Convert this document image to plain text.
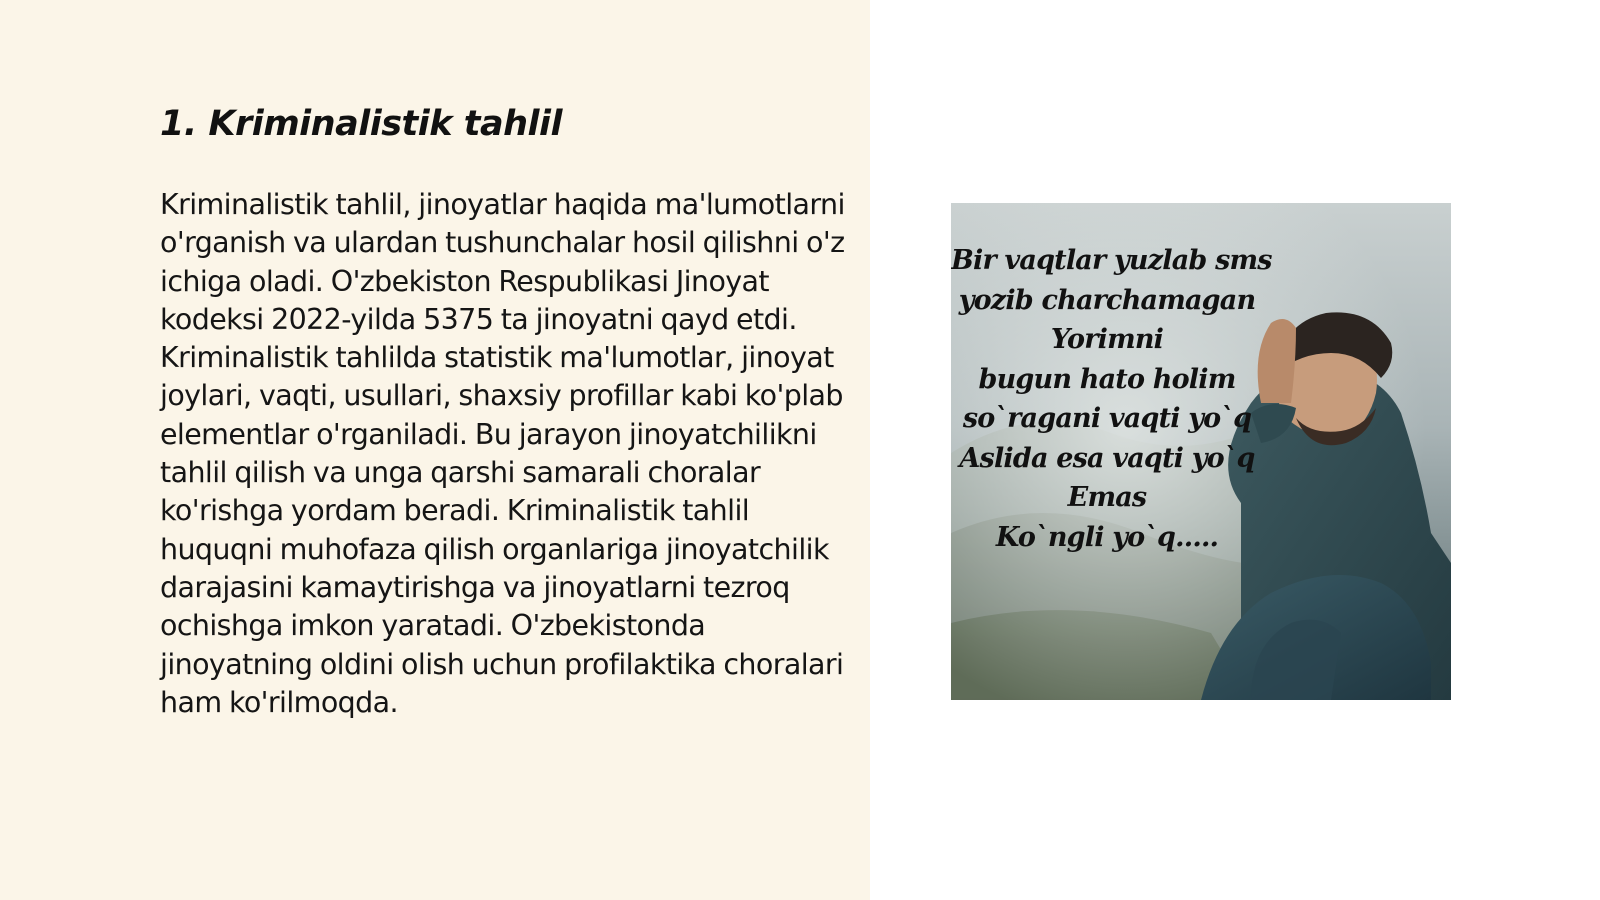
1. Kriminalistik tahlil

Kriminalistik tahlil, jinoyatlar haqida ma'lumotlarni o'rganish va ulardan tushunchalar hosil qilishni o'z ichiga oladi. O'zbekiston Respublikasi Jinoyat kodeksi 2022-yilda 5375 ta jinoyatni qayd etdi. Kriminalistik tahlilda statistik ma'lumotlar, jinoyat joylari, vaqti, usullari, shaxsiy profillar kabi ko'plab elementlar o'rganiladi. Bu jarayon jinoyatchilikni tahlil qilish va unga qarshi samarali choralar ko'rishga yordam beradi. Kriminalistik tahlil huquqni muhofaza qilish organlariga jinoyatchilik darajasini kamaytirishga va jinoyatlarni tezroq ochishga imkon yaratadi. O'zbekistonda jinoyatning oldini olish uchun profilaktika choralari ham ko'rilmoqda.

Bir vaqtlar yuzlab sms
yozib charchamagan
Yorimni
bugun hato holim
so`ragani vaqti yo`q
Aslida esa vaqti yo`q
Emas
Ko`ngli yo`q.....
